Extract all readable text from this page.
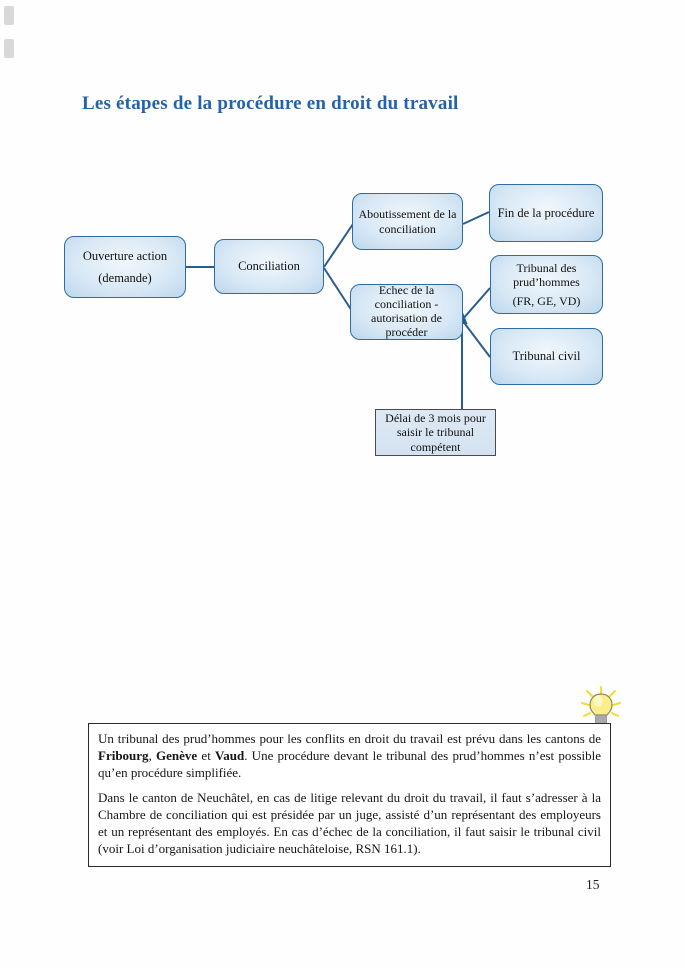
Les étapes de la procédure en droit du travail
Ouverture action
(demande)
Conciliation
Aboutissement de la
conciliation
Fin de la procédure
Echec de la
conciliation -
autorisation de
procéder
Tribunal des
prud’hommes
(FR, GE, VD)
Tribunal civil
Délai de 3 mois pour
saisir le tribunal
compétent

Un tribunal des prud’hommes pour les conflits en droit du travail est prévu dans les cantons de Fribourg, Genève et Vaud. Une procédure devant le tribunal des prud’hommes n’est possible qu’en procédure simplifiée.

Dans le canton de Neuchâtel, en cas de litige relevant du droit du travail, il faut s’adresser à la Chambre de conciliation qui est présidée par un juge, assisté d’un représentant des employeurs et un représentant des employés. En cas d’échec de la conciliation, il faut saisir le tribunal civil (voir Loi d’organisation judiciaire neuchâteloise, RSN 161.1).

15
